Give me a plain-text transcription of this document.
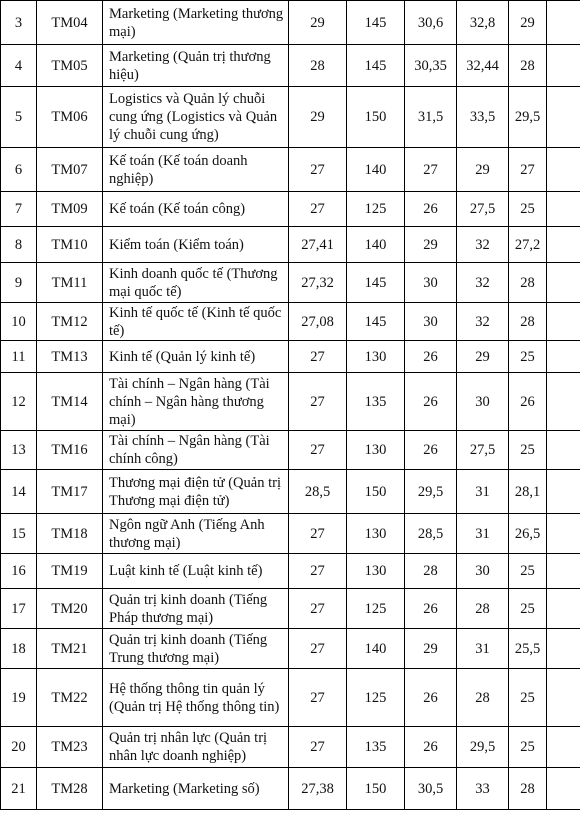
3	TM04	Marketing (Marketing thương mại)	29	145	30,6	32,8	29	
4	TM05	Marketing (Quản trị thương hiệu)	28	145	30,35	32,44	28	
5	TM06	Logistics và Quản lý chuỗi cung ứng (Logistics và Quản lý chuỗi cung ứng)	29	150	31,5	33,5	29,5	
6	TM07	Kế toán (Kế toán doanh nghiệp)	27	140	27	29	27	
7	TM09	Kế toán (Kế toán công)	27	125	26	27,5	25	
8	TM10	Kiểm toán (Kiểm toán)	27,41	140	29	32	27,2	
9	TM11	Kinh doanh quốc tế (Thương mại quốc tế)	27,32	145	30	32	28	
10	TM12	Kinh tế quốc tế (Kinh tế quốc tế)	27,08	145	30	32	28	
11	TM13	Kinh tế (Quản lý kinh tế)	27	130	26	29	25	
12	TM14	Tài chính – Ngân hàng (Tài chính – Ngân hàng thương mại)	27	135	26	30	26	
13	TM16	Tài chính – Ngân hàng (Tài chính công)	27	130	26	27,5	25	
14	TM17	Thương mại điện tử (Quản trị Thương mại điện tử)	28,5	150	29,5	31	28,1	
15	TM18	Ngôn ngữ Anh (Tiếng Anh thương mại)	27	130	28,5	31	26,5	
16	TM19	Luật kinh tế (Luật kinh tế)	27	130	28	30	25	
17	TM20	Quản trị kinh doanh (Tiếng Pháp thương mại)	27	125	26	28	25	
18	TM21	Quản trị kinh doanh (Tiếng Trung thương mại)	27	140	29	31	25,5	
19	TM22	Hệ thống thông tin quản lý (Quản trị Hệ thống thông tin)	27	125	26	28	25	
20	TM23	Quản trị nhân lực (Quản trị nhân lực doanh nghiệp)	27	135	26	29,5	25	
21	TM28	Marketing (Marketing số)	27,38	150	30,5	33	28	
